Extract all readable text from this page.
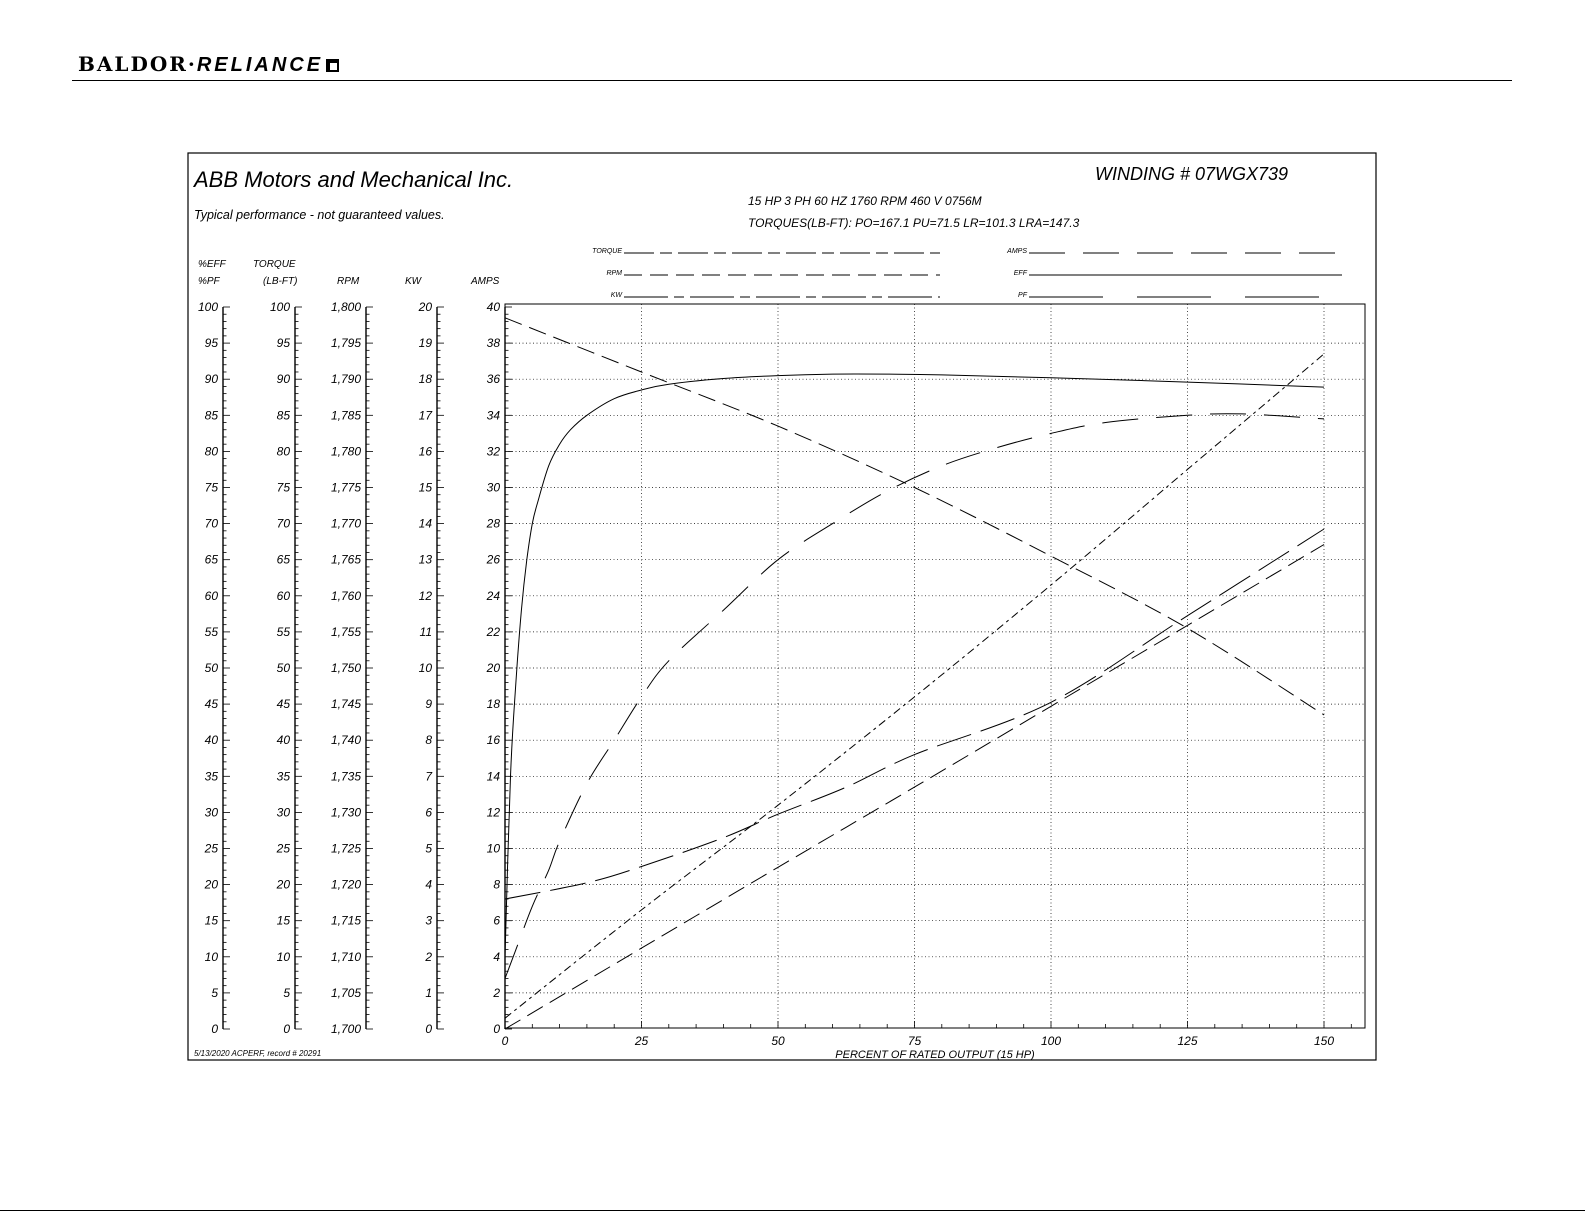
BALDOR·RELIANCE
ABB Motors and Mechanical Inc.
Typical performance - not guaranteed values.
WINDING # 07WGX739
15 HP 3 PH 60 HZ 1760 RPM 460 V 0756M
TORQUES(LB-FT): PO=167.1 PU=71.5 LR=101.3 LRA=147.3
5/13/2020 ACPERF, record # 20291
TORQUE
RPM
KW
AMPS
EFF
PF
%EFF
%PF
TORQUE
(LB-FT)	RPM	KW	AMPS
0
5
10
15
20
25
30
35
40
45
50
55
60
65
70
75
80
85
90
95
100
0
5
10
15
20
25
30
35
40
45
50
55
60
65
70
75
80
85
90
95
100
1,700
1,705
1,710
1,715
1,720
1,725
1,730
1,735
1,740
1,745
1,750
1,755
1,760
1,765
1,770
1,775
1,780
1,785
1,790
1,795
1,800
0
1
2
3
4
5
6
7
8
9
10
11
12
13
14
15
16
17
18
19
20
0
2
4
6
8
10
12
14
16
18
20
22
24
26
28
30
32
34
36
38
40
0	25	50	75	100	125	150
PERCENT OF RATED OUTPUT (15 HP)
